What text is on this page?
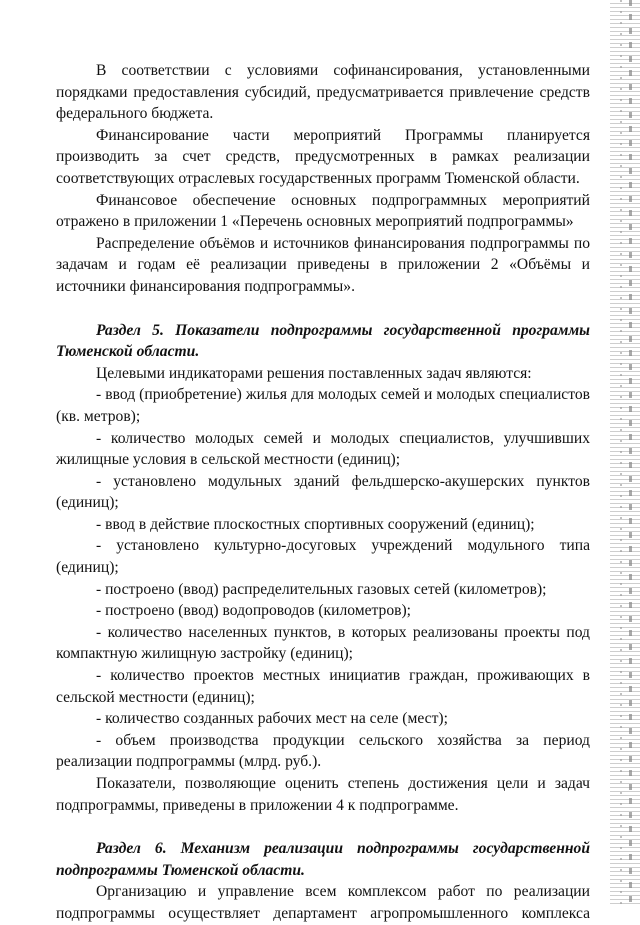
В соответствии с условиями софинансирования, установленными порядками предоставления субсидий, предусматривается привлечение средств федерального бюджета.

Финансирование части мероприятий Программы планируется производить за счет средств, предусмотренных в рамках реализации соответствующих отраслевых государственных программ Тюменской области.

Финансовое обеспечение основных подпрограммных мероприятий отражено в приложении 1 «Перечень основных мероприятий подпрограммы»

Распределение объёмов и источников финансирования подпрограммы по задачам и годам её реализации приведены в приложении 2 «Объёмы и источники финансирования подпрограммы».

Раздел 5. Показатели подпрограммы государственной программы Тюменской области.

Целевыми индикаторами решения поставленных задач являются:

- ввод (приобретение) жилья для молодых семей и молодых специалистов (кв. метров);

- количество молодых семей и молодых специалистов, улучшивших жилищные условия в сельской местности (единиц);

- установлено модульных зданий фельдшерско-акушерских пунктов (единиц);

- ввод в действие плоскостных спортивных сооружений (единиц);

- установлено культурно-досуговых учреждений модульного типа (единиц);

- построено (ввод) распределительных газовых сетей (километров);

- построено (ввод) водопроводов (километров);

- количество населенных пунктов, в которых реализованы проекты под компактную жилищную застройку (единиц);

- количество проектов местных инициатив граждан, проживающих в сельской местности (единиц);

- количество созданных рабочих мест на селе (мест);

- объем производства продукции сельского хозяйства за период реализации подпрограммы (млрд. руб.).

Показатели, позволяющие оценить степень достижения цели и задач подпрограммы, приведены в приложении 4 к подпрограмме.

Раздел 6. Механизм реализации подпрограммы государственной подпрограммы Тюменской области.

Организацию и управление всем комплексом работ по реализации подпрограммы осуществляет департамент агропромышленного комплекса
